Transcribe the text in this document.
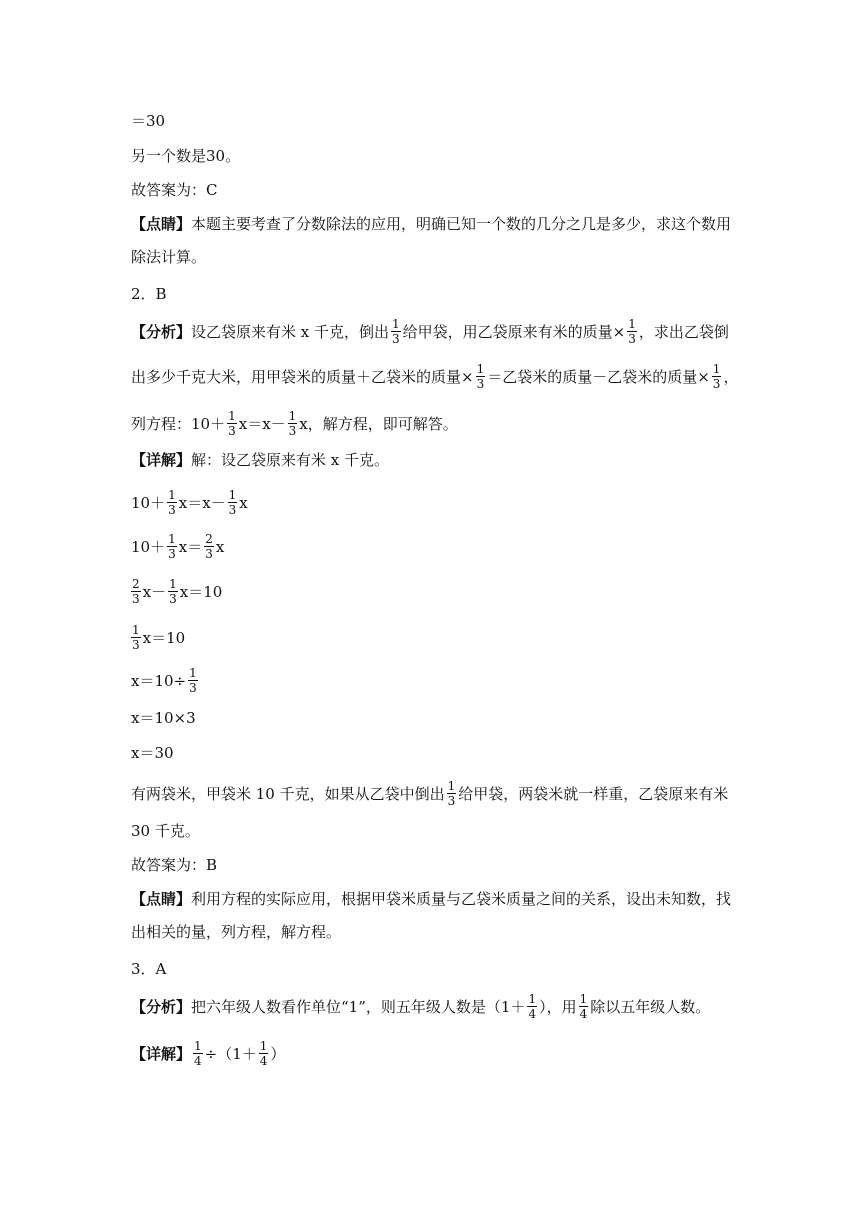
＝30
另一个数是30。
故答案为：C
【点睛】 本题主要考查了分数除法的应用，明确已知一个数的几分之几是多少，求这个数用
除法计算。
2．B
【分析】 设乙袋原来有米 x 千克，倒出 $\frac{1}{3}$ 给甲袋，用乙袋原来有米的质量× $\frac{1}{3}$ ，求出乙袋倒
出多少千克大米，用甲袋米的质量＋乙袋米的质量× $\frac{1}{3}$ ＝乙袋米的质量－乙袋米的质量× $\frac{1}{3}$ ，
列方程：$10+ \frac{1}{3} x=x- \frac{1}{3}$ x，解方程，即可解答。
【详解】 解：设乙袋原来有米 x 千克。
$10+ \frac{1}{3} x=x- \frac{1}{3}$ x
$10+ \frac{1}{3} x= \frac{2}{3}$ x
$\frac{2}{3} x- \frac{1}{3} x=10$
$\frac{1}{3} x=10$
$x=10\div \frac{1}{3}$
x＝10×3
x＝30
有两袋米，甲袋米 10 千克，如果从乙袋中倒出 $\frac{1}{3}$ 给甲袋，两袋米就一样重，乙袋原来有米
30 千克。
故答案为：B
【点睛】 利用方程的实际应用，根据甲袋米质量与乙袋米质量之间的关系，设出未知数，找
出相关的量，列方程，解方程。
3．A
【分析】 把六年级人数看作单位“1”，则五年级人数是（$1+ \frac{1}{4}$ ），用 $\frac{1}{4}$ 除以五年级人数。
【详解】 $\frac{1}{4} \div(1+ \frac{1}{4}$ ）
